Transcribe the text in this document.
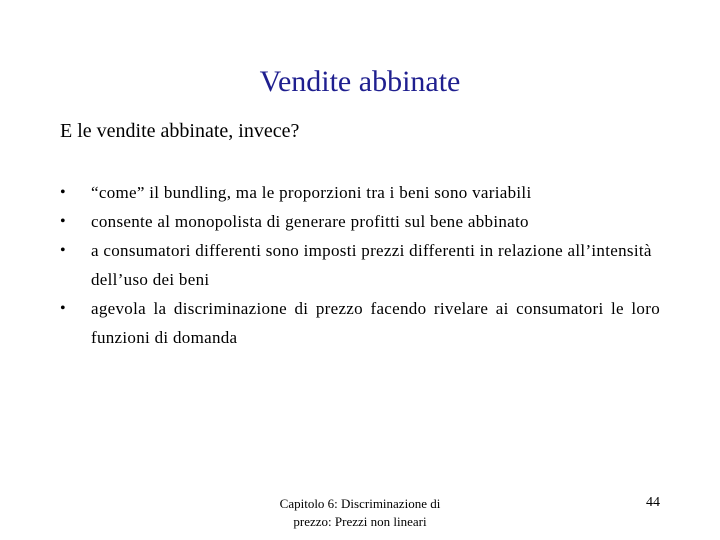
Vendite abbinate
E le vendite abbinate, invece?
• “come” il bundling, ma le proporzioni tra i beni sono variabili
• consente al monopolista di generare profitti sul bene abbinato
• a consumatori differenti sono imposti prezzi differenti in relazione all’intensità dell’uso dei beni
• agevola la discriminazione di prezzo facendo rivelare ai consumatori le loro funzioni di domanda
Capitolo 6: Discriminazione di
prezzo: Prezzi non lineari
44
